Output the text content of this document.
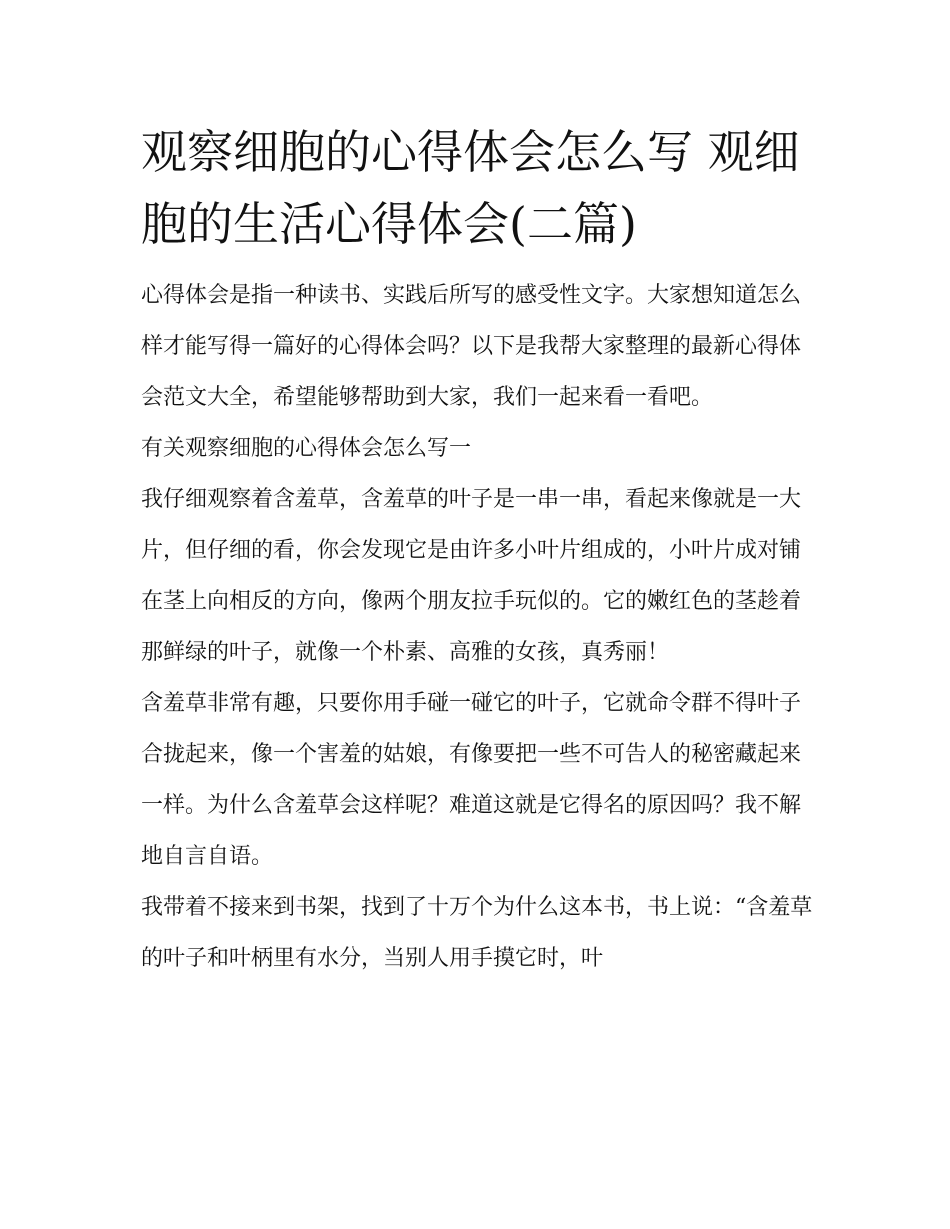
观察细胞的心得体会怎么写 观细胞的生活心得体会(二篇)

心得体会是指一种读书、实践后所写的感受性文字。大家想知道怎么样才能写得一篇好的心得体会吗？以下是我帮大家整理的最新心得体会范文大全，希望能够帮助到大家，我们一起来看一看吧。

有关观察细胞的心得体会怎么写一

我仔细观察着含羞草，含羞草的叶子是一串一串，看起来像就是一大片，但仔细的看，你会发现它是由许多小叶片组成的，小叶片成对铺在茎上向相反的方向，像两个朋友拉手玩似的。它的嫩红色的茎趁着那鲜绿的叶子，就像一个朴素、高雅的女孩，真秀丽！

含羞草非常有趣，只要你用手碰一碰它的叶子，它就命令群不得叶子合拢起来，像一个害羞的姑娘，有像要把一些不可告人的秘密藏起来一样。为什么含羞草会这样呢？难道这就是它得名的原因吗？我不解地自言自语。

我带着不接来到书架，找到了十万个为什么这本书，书上说：“含羞草的叶子和叶柄里有水分，当别人用手摸它时，叶
